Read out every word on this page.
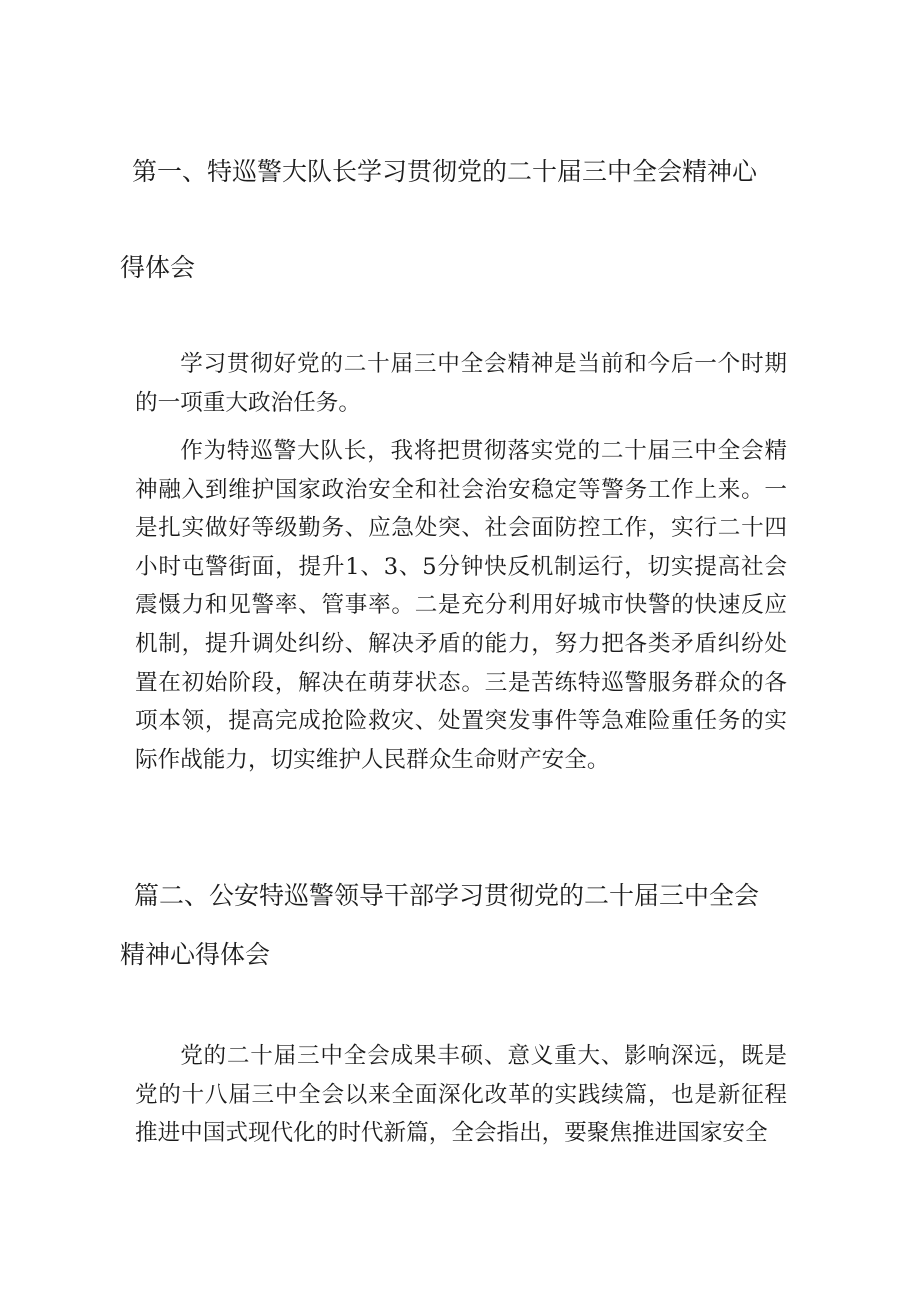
第一、特巡警大队长学习贯彻党的二十届三中全会精神心
得体会

学习贯彻好党的二十届三中全会精神是当前和今后一个时期的一项重大政治任务。

作为特巡警大队长，我将把贯彻落实党的二十届三中全会精神融入到维护国家政治安全和社会治安稳定等警务工作上来。一是扎实做好等级勤务、应急处突、社会面防控工作，实行二十四小时屯警街面，提升1、3、5分钟快反机制运行，切实提高社会震慑力和见警率、管事率。二是充分利用好城市快警的快速反应机制，提升调处纠纷、解决矛盾的能力，努力把各类矛盾纠纷处置在初始阶段，解决在萌芽状态。三是苦练特巡警服务群众的各项本领，提高完成抢险救灾、处置突发事件等急难险重任务的实际作战能力，切实维护人民群众生命财产安全。

篇二、公安特巡警领导干部学习贯彻党的二十届三中全会
精神心得体会

党的二十届三中全会成果丰硕、意义重大、影响深远，既是党的十八届三中全会以来全面深化改革的实践续篇，也是新征程推进中国式现代化的时代新篇，全会指出，要聚焦推进国家安全
